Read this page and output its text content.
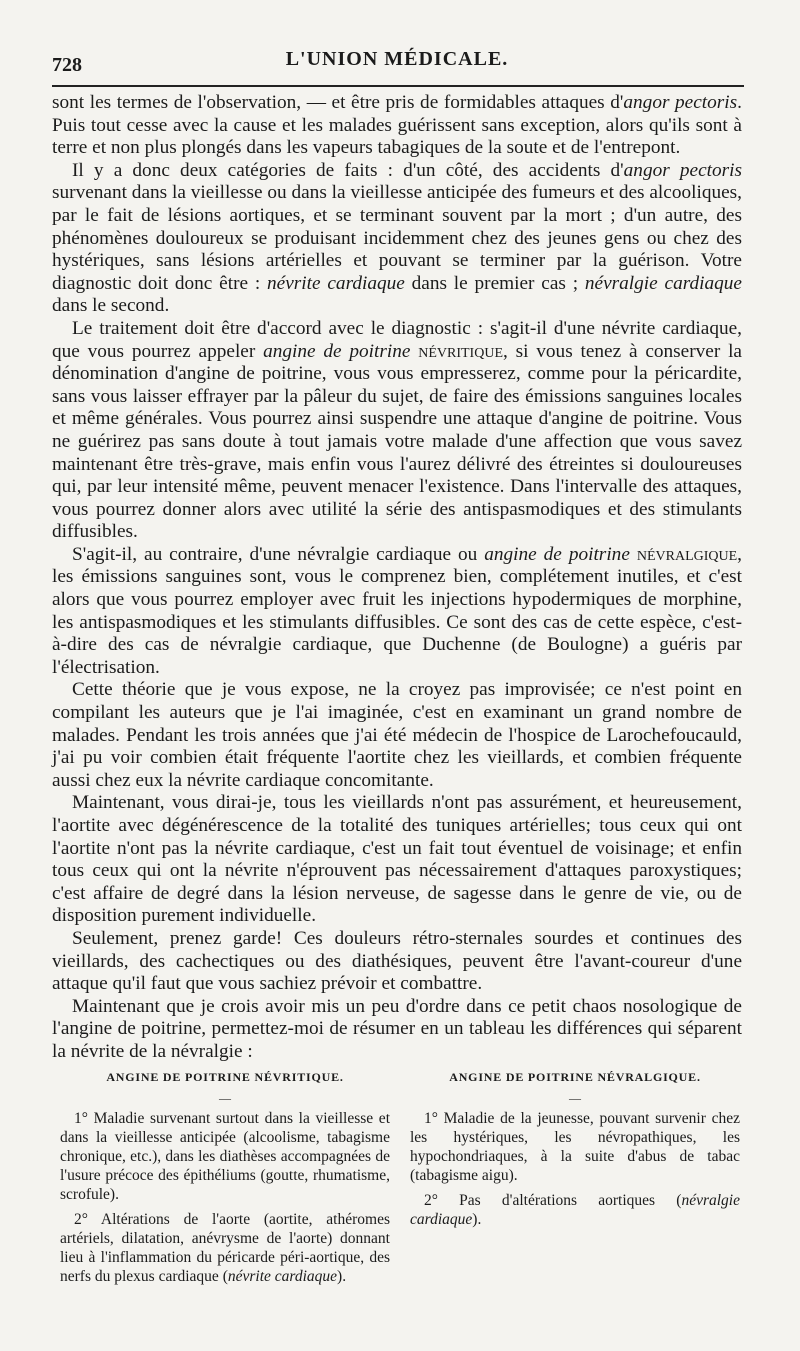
728	L'UNION MÉDICALE.

sont les termes de l'observation, — et être pris de formidables attaques d'angor pectoris. Puis tout cesse avec la cause et les malades guérissent sans exception, alors qu'ils sont à terre et non plus plongés dans les vapeurs tabagiques de la soute et de l'entrepont.

Il y a donc deux catégories de faits : d'un côté, des accidents d'angor pectoris survenant dans la vieillesse ou dans la vieillesse anticipée des fumeurs et des alcooliques, par le fait de lésions aortiques, et se terminant souvent par la mort ; d'un autre, des phénomènes douloureux se produisant incidemment chez des jeunes gens ou chez des hystériques, sans lésions artérielles et pouvant se terminer par la guérison. Votre diagnostic doit donc être : névrite cardiaque dans le premier cas ; névralgie cardiaque dans le second.

Le traitement doit être d'accord avec le diagnostic : s'agit-il d'une névrite cardiaque, que vous pourrez appeler angine de poitrine névritique, si vous tenez à conserver la dénomination d'angine de poitrine, vous vous empresserez, comme pour la péricardite, sans vous laisser effrayer par la pâleur du sujet, de faire des émissions sanguines locales et même générales. Vous pourrez ainsi suspendre une attaque d'angine de poitrine. Vous ne guérirez pas sans doute à tout jamais votre malade d'une affection que vous savez maintenant être très-grave, mais enfin vous l'aurez délivré des étreintes si douloureuses qui, par leur intensité même, peuvent menacer l'existence. Dans l'intervalle des attaques, vous pourrez donner alors avec utilité la série des antispasmodiques et des stimulants diffusibles.

S'agit-il, au contraire, d'une névralgie cardiaque ou angine de poitrine névralgique, les émissions sanguines sont, vous le comprenez bien, complétement inutiles, et c'est alors que vous pourrez employer avec fruit les injections hypodermiques de morphine, les antispasmodiques et les stimulants diffusibles. Ce sont des cas de cette espèce, c'est-à-dire des cas de névralgie cardiaque, que Duchenne (de Boulogne) a guéris par l'électrisation.

Cette théorie que je vous expose, ne la croyez pas improvisée; ce n'est point en compilant les auteurs que je l'ai imaginée, c'est en examinant un grand nombre de malades. Pendant les trois années que j'ai été médecin de l'hospice de Larochefoucauld, j'ai pu voir combien était fréquente l'aortite chez les vieillards, et combien fréquente aussi chez eux la névrite cardiaque concomitante.

Maintenant, vous dirai-je, tous les vieillards n'ont pas assurément, et heureusement, l'aortite avec dégénérescence de la totalité des tuniques artérielles; tous ceux qui ont l'aortite n'ont pas la névrite cardiaque, c'est un fait tout éventuel de voisinage; et enfin tous ceux qui ont la névrite n'éprouvent pas nécessairement d'attaques paroxystiques; c'est affaire de degré dans la lésion nerveuse, de sagesse dans le genre de vie, ou de disposition purement individuelle.

Seulement, prenez garde! Ces douleurs rétro-sternales sourdes et continues des vieillards, des cachectiques ou des diathésiques, peuvent être l'avant-coureur d'une attaque qu'il faut que vous sachiez prévoir et combattre.

Maintenant que je crois avoir mis un peu d'ordre dans ce petit chaos nosologique de l'angine de poitrine, permettez-moi de résumer en un tableau les différences qui séparent la névrite de la névralgie :

ANGINE DE POITRINE NÉVRITIQUE.
—

1° Maladie survenant surtout dans la vieillesse et dans la vieillesse anticipée (alcoolisme, tabagisme chronique, etc.), dans les diathèses accompagnées de l'usure précoce des épithéliums (goutte, rhumatisme, scrofule).

2° Altérations de l'aorte (aortite, athéromes artériels, dilatation, anévrysme de l'aorte) donnant lieu à l'inflammation du péricarde péri-aortique, des nerfs du plexus cardiaque (névrite cardiaque).

ANGINE DE POITRINE NÉVRALGIQUE.
—

1° Maladie de la jeunesse, pouvant survenir chez les hystériques, les névropathiques, les hypochondriaques, à la suite d'abus de tabac (tabagisme aigu).

2° Pas d'altérations aortiques (névralgie cardiaque).
